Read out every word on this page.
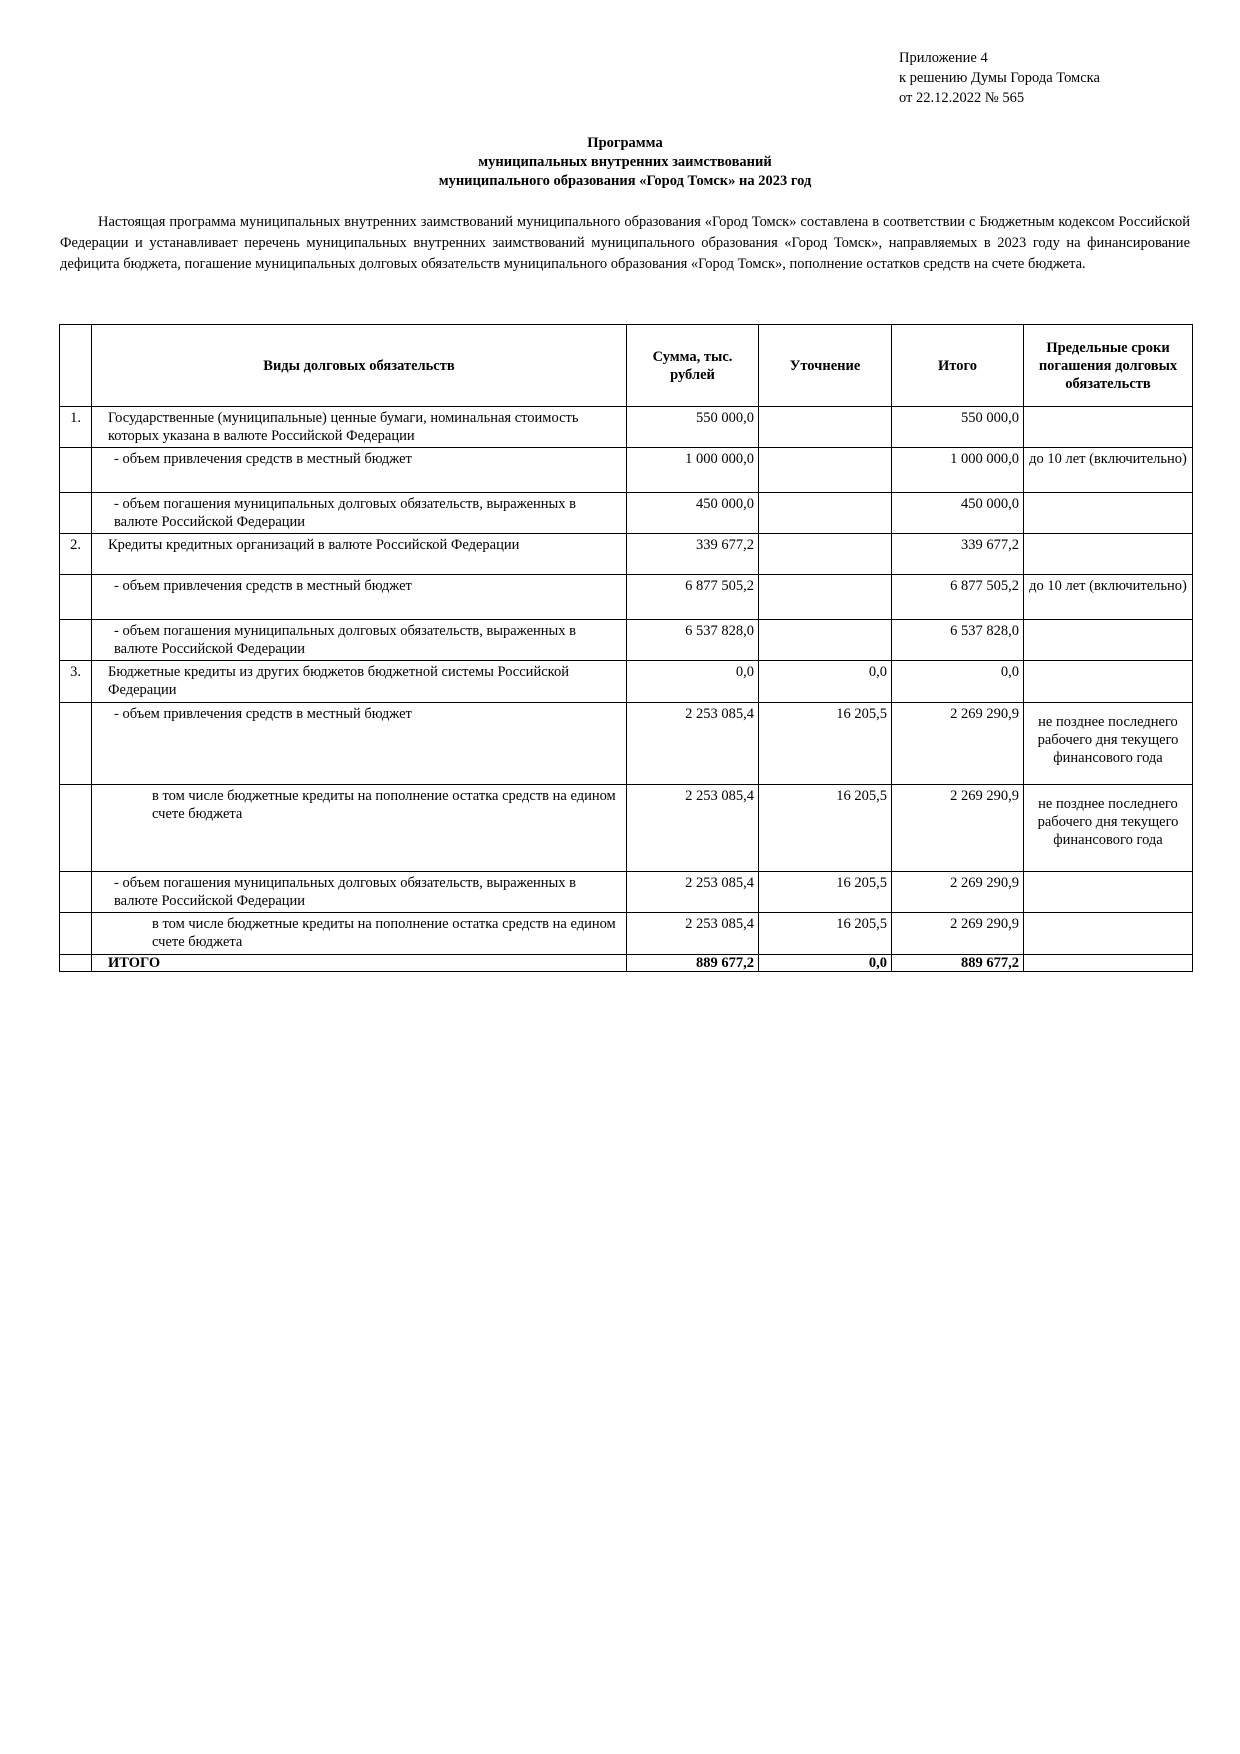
Приложение 4
к решению Думы Города Томска
от 22.12.2022 № 565
Программа
муниципальных внутренних заимствований
муниципального образования «Город Томск» на 2023 год

Настоящая программа муниципальных внутренних заимствований муниципального образования «Город Томск» составлена в соответствии с Бюджетным кодексом Российской Федерации и устанавливает перечень муниципальных внутренних заимствований муниципального образования «Город Томск», направляемых в 2023 году на финансирование дефицита бюджета, погашение муниципальных долговых обязательств муниципального образования «Город Томск», пополнение остатков средств на счете бюджета.

	Виды долговых обязательств	Сумма, тыс. рублей	Уточнение	Итого	Предельные сроки погашения долговых обязательств
1.	Государственные (муниципальные) ценные бумаги, номинальная стоимость которых указана в валюте Российской Федерации	550 000,0		550 000,0	
	- объем привлечения средств в местный бюджет	1 000 000,0		1 000 000,0	до 10 лет (включительно)
	- объем погашения муниципальных долговых обязательств, выраженных в валюте Российской Федерации	450 000,0		450 000,0	
2.	Кредиты кредитных организаций в валюте Российской Федерации	339 677,2		339 677,2	
	- объем привлечения средств в местный бюджет	6 877 505,2		6 877 505,2	до 10 лет (включительно)
	- объем погашения муниципальных долговых обязательств, выраженных в валюте Российской Федерации	6 537 828,0		6 537 828,0	
3.	Бюджетные кредиты из других бюджетов бюджетной системы Российской Федерации	0,0	0,0	0,0	
	- объем привлечения средств в местный бюджет	2 253 085,4	16 205,5	2 269 290,9	не позднее последнего рабочего дня текущего финансового года
	в том числе бюджетные кредиты на пополнение остатка средств на едином счете бюджета	2 253 085,4	16 205,5	2 269 290,9	не позднее последнего рабочего дня текущего финансового года
	- объем погашения муниципальных долговых обязательств, выраженных в валюте Российской Федерации	2 253 085,4	16 205,5	2 269 290,9	
	в том числе бюджетные кредиты на пополнение остатка средств на едином счете бюджета	2 253 085,4	16 205,5	2 269 290,9	
	ИТОГО	889 677,2	0,0	889 677,2	
